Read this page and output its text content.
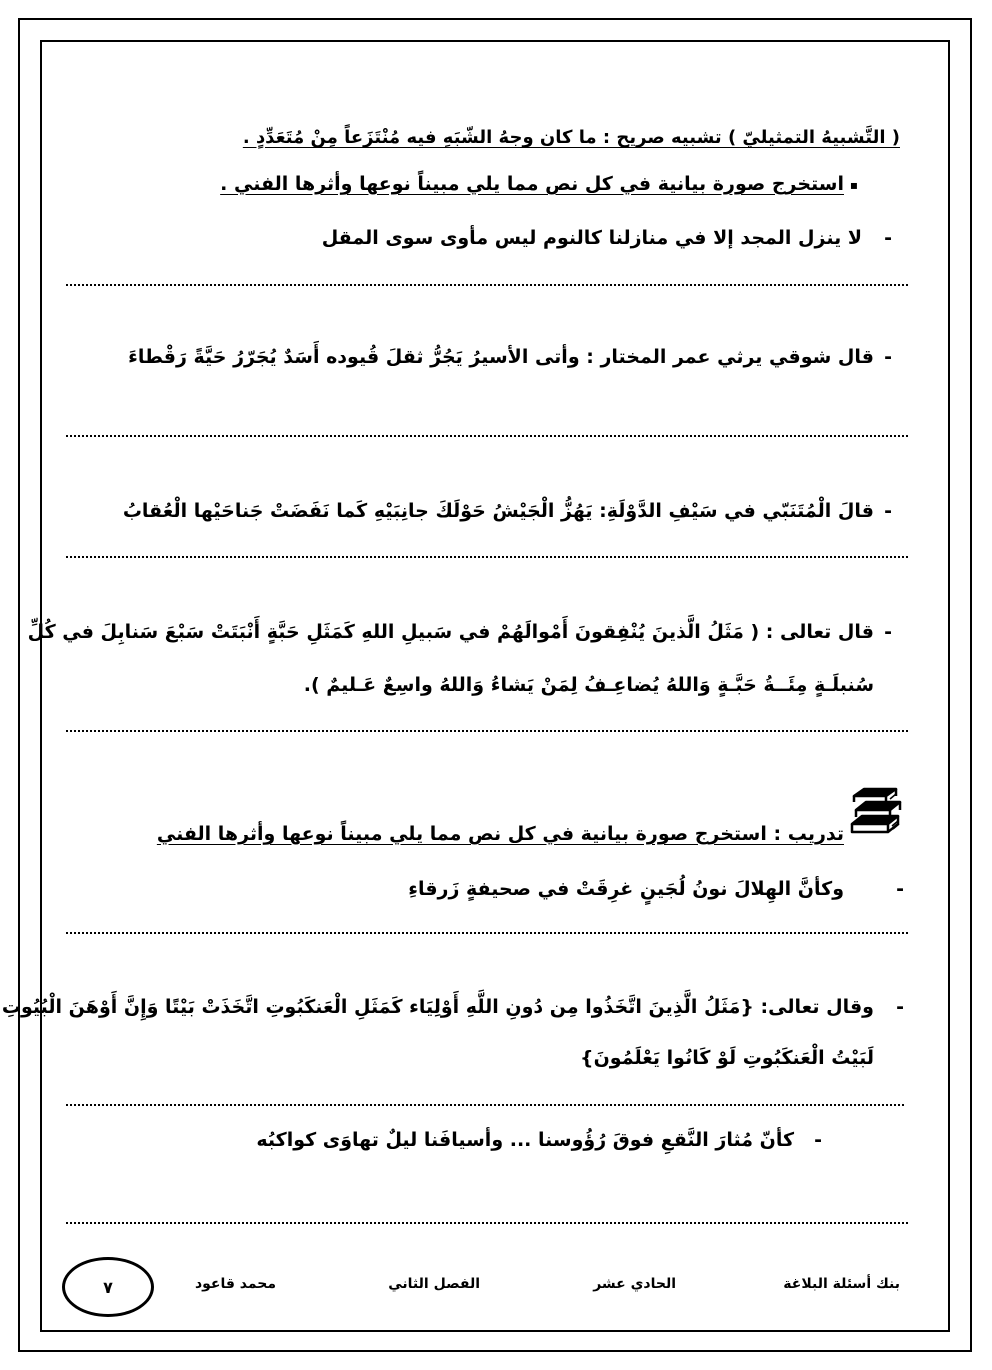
( التَّشبيهُ التمثيليّ ) تشبيه صريح : ما كان وجهُ الشّبَهِ فيه مُنْتَزَعاً مِنْ مُتَعَدِّدٍ .
▪
استخرج صورة بيانية في كل نص مما يلي مبيناً نوعها وأثرها الفني .
-
لا ينزل المجد إلا في منازلنا كالنوم ليس مأوى سوى المقل
-
قال شوقي يرثي عمر المختار : وأتى الأسيرُ يَجُرُّ ثقلَ قُيوده أَسَدٌ يُجَرّرُ حَيَّةً رَقْطاءَ
-
قالَ الْمُتَنَبّي في سَيْفِ الدَّوْلَةِ: يَهُزُّ الْجَيْشُ حَوْلَكَ جانِبَيْهِ كَما نَفَضَتْ جَناحَيْها الْعُقابُ
-
قال تعالى : ( مَثَلُ الَّذينَ يُنْفِقونَ أَمْوالَهُمْ في سَبيلِ اللهِ كَمَثَلِ حَبَّةٍ أَنْبَتَتْ سَبْعَ سَنابِلَ في كُلِّ
سُنبلَـةٍ مِئَــةُ حَبَّـةٍ وَاللهُ يُضاعِـفُ لِمَنْ يَشاءُ وَاللهُ واسِعٌ عَـليمٌ ).
تدريب : استخرج صورة بيانية في كل نص مما يلي مبيناً نوعها وأثرها الفني
-
وكأنَّ الهِلالَ نونُ لُجَينٍ غرِقَتْ في صحيفةٍ زَرقاءِ
-
وقال تعالى: {مَثَلُ الَّذِينَ اتَّخَذُوا مِن دُونِ اللَّهِ أَوْلِيَاء كَمَثَلِ الْعَنكَبُوتِ اتَّخَذَتْ بَيْتًا وَإِنَّ أَوْهَنَ الْبُيُوتِ
لَبَيْتُ الْعَنكَبُوتِ لَوْ كَانُوا يَعْلَمُونَ}
-
كأنّ مُثارَ النَّقعِ فوقَ رُؤُوسنا ... وأسيافَنا ليلٌ تهاوَى كواكبُه
بنك أسئلة البلاغة
الحادي عشر
الفصل الثاني
محمد قاعود
٧
